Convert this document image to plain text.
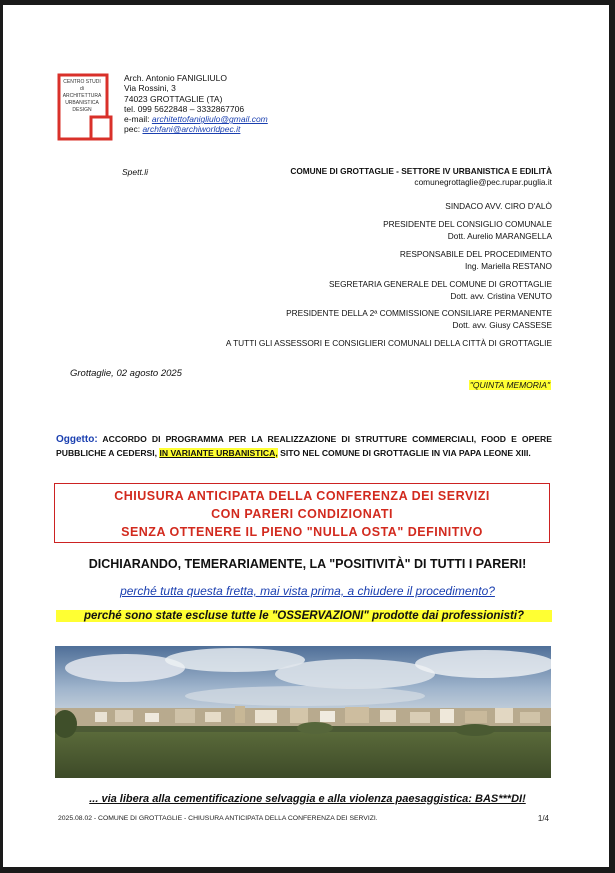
CENTRO STUDI
di
ARCHITETTURA
URBANISTICA
DESIGN
Arch. Antonio FANIGLIULO
Via Rossini, 3
74023 GROTTAGLIE (TA)
tel. 099 5622848 – 3332867706
e-mail: architettofanigliulo@gmail.com
pec: archfani@archiworldpec.it
Spett.li	COMUNE DI GROTTAGLIE - SETTORE IV URBANISTICA E EDILITÀ
comunegrottaglie@pec.rupar.puglia.it
SINDACO AVV. CIRO D'ALÒ
PRESIDENTE DEL CONSIGLIO COMUNALE
Dott. Aurelio MARANGELLA
RESPONSABILE DEL PROCEDIMENTO
Ing. Mariella RESTANO
SEGRETARIA GENERALE DEL COMUNE DI GROTTAGLIE
Dott. avv. Cristina VENUTO
PRESIDENTE DELLA 2ª COMMISSIONE CONSILIARE PERMANENTE
Dott. avv. Giusy CASSESE
A TUTTI GLI ASSESSORI E CONSIGLIERI COMUNALI DELLA CITTÀ DI GROTTAGLIE
Grottaglie, 02 agosto 2025
"QUINTA MEMORIA"
Oggetto: ACCORDO DI PROGRAMMA PER LA REALIZZAZIONE DI STRUTTURE COMMERCIALI, FOOD E OPERE PUBBLICHE A CEDERSI, IN VARIANTE URBANISTICA, SITO NEL COMUNE DI GROTTAGLIE IN VIA PAPA LEONE XIII.
CHIUSURA ANTICIPATA DELLA CONFERENZA DEI SERVIZI
CON PARERI CONDIZIONATI
SENZA OTTENERE IL PIENO "NULLA OSTA" DEFINITIVO
DICHIARANDO, TEMERARIAMENTE, LA "POSITIVITÀ" DI TUTTI I PARERI!
perché tutta questa fretta, mai vista prima, a chiudere il procedimento?
perché sono state escluse tutte le "OSSERVAZIONI" prodotte dai professionisti?
... via libera alla cementificazione selvaggia e alla violenza paesaggistica: BAS***DI!
2025.08.02 - COMUNE DI GROTTAGLIE - CHIUSURA ANTICIPATA DELLA CONFERENZA DEI SERVIZI.	1/4
